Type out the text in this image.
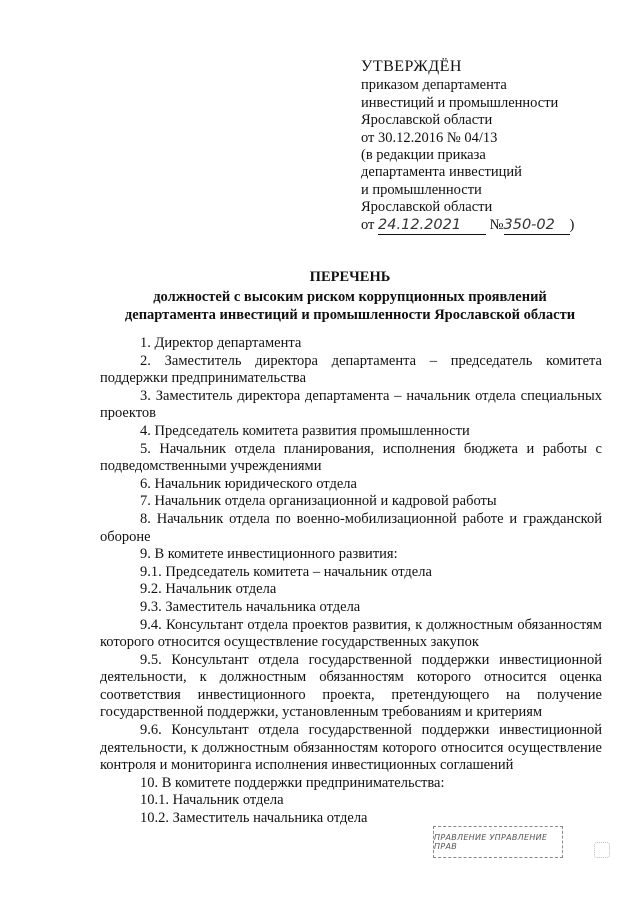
УТВЕРЖДЁН
приказом департамента
инвестиций и промышленности
Ярославской области
от 30.12.2016 № 04/13
(в редакции приказа
департамента инвестиций
и промышленности
Ярославской области
от 24.12.2021 №350-02 )
ПЕРЕЧЕНЬ
должностей с высоким риском коррупционных проявлений
департамента инвестиций и промышленности Ярославской области

1. Директор департамента

2. Заместитель директора департамента – председатель комитета поддержки предпринимательства

3. Заместитель директора департамента – начальник отдела специальных проектов

4. Председатель комитета развития промышленности

5. Начальник отдела планирования, исполнения бюджета и работы с подведомственными учреждениями

6. Начальник юридического отдела

7. Начальник отдела организационной и кадровой работы

8. Начальник отдела по военно-мобилизационной работе и гражданской обороне

9. В комитете инвестиционного развития:

9.1. Председатель комитета – начальник отдела

9.2. Начальник отдела

9.3. Заместитель начальника отдела

9.4. Консультант отдела проектов развития, к должностным обязанностям которого относится осуществление государственных закупок

9.5. Консультант отдела государственной поддержки инвестиционной деятельности, к должностным обязанностям которого относится оценка соответствия инвестиционного проекта, претендующего на получение государственной поддержки, установленным требованиям и критериям

9.6. Консультант отдела государственной поддержки инвестиционной деятельности, к должностным обязанностям которого относится осуществление контроля и мониторинга исполнения инвестиционных соглашений

10. В комитете поддержки предпринимательства:

10.1. Начальник отдела

10.2. Заместитель начальника отдела

ПРАВЛЕНИЕ УПРАВЛЕНИЕ ПРАВ
